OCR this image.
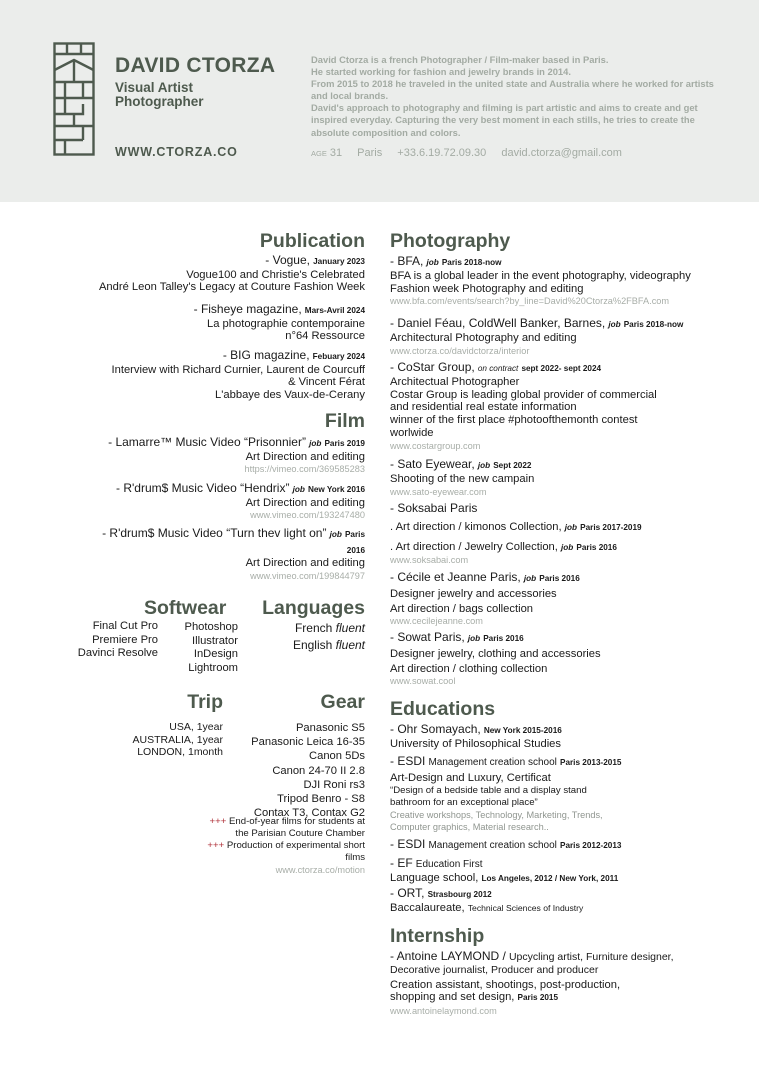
DAVID CTORZA
Visual Artist
Photographer
WWW.CTORZA.CO
David Ctorza is a french Photographer / Film-maker based in Paris.
He started working for fashion and jewelry brands in 2014.
From 2015 to 2018 he traveled in the united state and Australia where he worked for artists and local brands.
David's approach to photography and filming is part artistic and aims to create and get inspired everyday. Capturing the very best moment in each stills, he tries to create the absolute composition and colors.
AGE 31 Paris +33.6.19.72.09.30 david.ctorza@gmail.com
Publication
- Vogue, January 2023
Vogue100 and Christie's Celebrated
André Leon Talley's Legacy at Couture Fashion Week
- Fisheye magazine, Mars-Avril 2024
La photographie contemporaine
n°64 Ressource
- BIG magazine, Febuary 2024
Interview with Richard Curnier, Laurent de Courcuff
& Vincent Férat
L'abbaye des Vaux-de-Cerany
Film
- Lamarre™ Music Video “Prisonnier” job Paris 2019
Art Direction and editing
https://vimeo.com/369585283
- R'drum$ Music Video “Hendrix” job New York 2016
Art Direction and editing
www.vimeo.com/193247480
- R'drum$ Music Video “Turn thev light on” job Paris
2016
Art Direction and editing
www.vimeo.com/199844797
Softwear Languages
Final Cut Pro
Premiere Pro
Davinci Resolve
Photoshop
Illustrator
InDesign
Lightroom
French fluent
English fluent
Trip	Gear
USA, 1year
AUSTRALIA, 1year
LONDON, 1month
Panasonic S5
Panasonic Leica 16-35
Canon 5Ds
Canon 24-70 II 2.8
DJI Roni rs3
Tripod Benro - S8
Contax T3, Contax G2
+++ End-of-year films for students at
the Parisian Couture Chamber
+++ Production of experimental short
films
www.ctorza.co/motion
Photography
- BFA, job Paris 2018-now
BFA is a global leader in the event photography, videography
Fashion week Photography and editing
www.bfa.com/events/search?by_line=David%20Ctorza%2FBFA.com
- Daniel Féau, ColdWell Banker, Barnes, job Paris 2018-now
Architectural Photography and editing
www.ctorza.co/davidctorza/interior
- CoStar Group, on contract sept 2022- sept 2024
Architectual Photographer
Costar Group is leading global provider of commercial
and residential real estate information
winner of the first place #photoofthemonth contest
worlwide
www.costargroup.com
- Sato Eyewear, job Sept 2022
Shooting of the new campain
www.sato-eyewear.com
- Soksabai Paris
. Art direction / kimonos Collection, job Paris 2017-2019
. Art direction / Jewelry Collection, job Paris 2016
www.soksabai.com
- Cécile et Jeanne Paris, job Paris 2016
Designer jewelry and accessories
Art direction / bags collection
www.cecilejeanne.com
- Sowat Paris, job Paris 2016
Designer jewelry, clothing and accessories
Art direction / clothing collection
www.sowat.cool
Educations
- Ohr Somayach, New York 2015-2016
University of Philosophical Studies
- ESDI Management creation school Paris 2013-2015
Art-Design and Luxury, Certificat
“Design of a bedside table and a display stand
bathroom for an exceptional place”
Creative workshops, Technology, Marketing, Trends,
Computer graphics, Material research..
- ESDI Management creation school Paris 2012-2013
- EF Education First
Language school, Los Angeles, 2012 / New York, 2011
- ORT, Strasbourg 2012
Baccalaureate, Technical Sciences of Industry
Internship
- Antoine LAYMOND / Upcycling artist, Furniture designer,
Decorative journalist, Producer and producer
Creation assistant, shootings, post-production,
shopping and set design, Paris 2015
www.antoinelaymond.com
